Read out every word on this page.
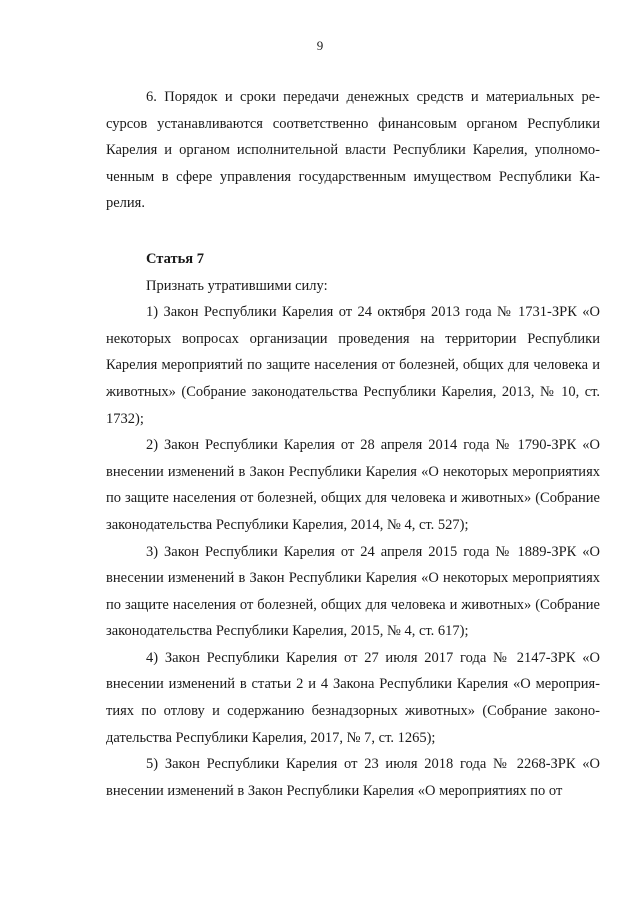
9

6. Порядок и сроки передачи денежных средств и материальных ресурсов устанавливаются соответственно финансовым органом Республики Карелия и органом исполнительной власти Республики Карелия, уполномоченным в сфере управления государственным имуществом Республики Карелия.

Статья 7

Признать утратившими силу:

1) Закон Республики Карелия от 24 октября 2013 года № 1731-ЗРК «О некоторых вопросах организации проведения на территории Республики Карелия мероприятий по защите населения от болезней, общих для человека и животных» (Собрание законодательства Республики Карелия, 2013, № 10, ст. 1732);

2) Закон Республики Карелия от 28 апреля 2014 года № 1790-ЗРК «О внесении изменений в Закон Республики Карелия «О некоторых мероприятиях по защите населения от болезней, общих для человека и животных» (Собрание законодательства Республики Карелия, 2014, № 4, ст. 527);

3) Закон Республики Карелия от 24 апреля 2015 года № 1889-ЗРК «О внесении изменений в Закон Республики Карелия «О некоторых мероприятиях по защите населения от болезней, общих для человека и животных» (Собрание законодательства Республики Карелия, 2015, № 4, ст. 617);

4) Закон Республики Карелия от 27 июля 2017 года № 2147-ЗРК «О внесении изменений в статьи 2 и 4 Закона Республики Карелия «О мероприятиях по отлову и содержанию безнадзорных животных» (Собрание законодательства Республики Карелия, 2017, № 7, ст. 1265);

5) Закон Республики Карелия от 23 июля 2018 года № 2268-ЗРК «О внесении изменений в Закон Республики Карелия «О мероприятиях по от
